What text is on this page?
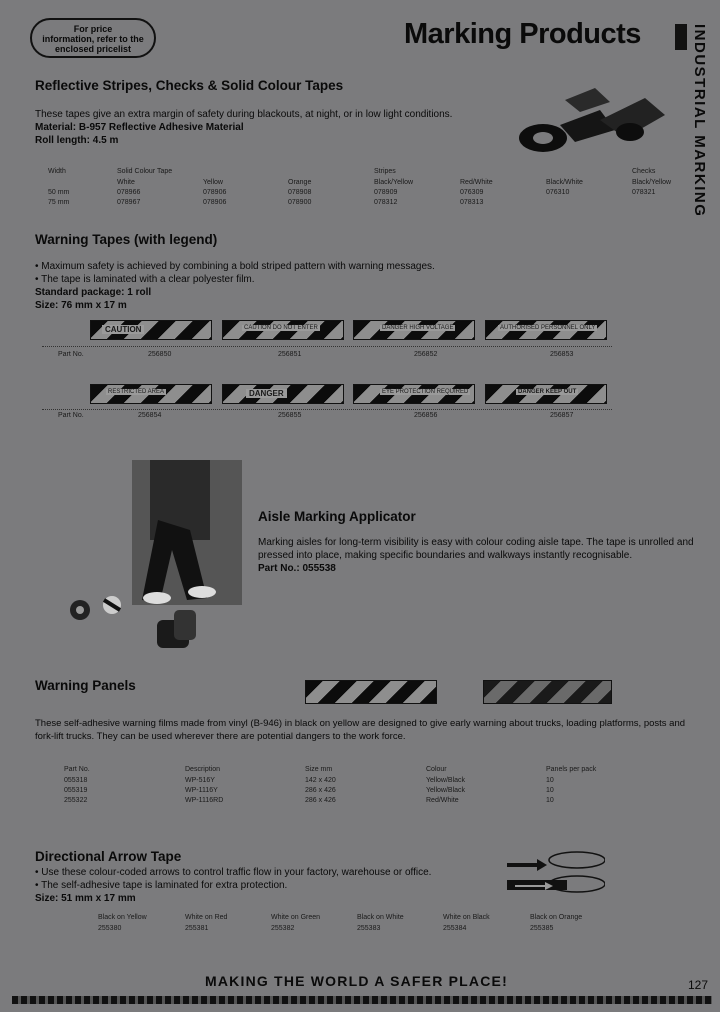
For price
information, refer to the
enclosed pricelist	Marking Products	INDUSTRIAL MARKING
Reflective Stripes, Checks & Solid Colour Tapes
These tapes give an extra margin of safety during blackouts, at night, or in low light conditions.
Material: B-957 Reflective Adhesive Material
Roll length: 4.5 m
Width	Solid Colour Tape	Stripes	Checks
White	Yellow	Orange	Black/Yellow	Red/White	Black/White	Black/Yellow
50 mm	078966	078906	078908	078909	076309	076310	078321
75 mm	078967	078906	078900	078312	078313
Warning Tapes (with legend)
• Maximum safety is achieved by combining a bold striped pattern with warning messages.
• The tape is laminated with a clear polyester film.
Standard package: 1 roll
Size: 76 mm x 17 m
CAUTION	CAUTION DO NOT ENTER	DANGER HIGH VOLTAGE	AUTHORISED PERSONNEL ONLY
Part No.	256850	256851	256852	256853
RESTRICTED AREA	DANGER	EYE PROTECTION REQUIRED	DANGER KEEP OUT
Part No.	256854	256855	256856	256857
Aisle Marking Applicator
Marking aisles for long-term visibility is easy with colour coding aisle tape. The tape is unrolled and
pressed into place, making specific boundaries and walkways instantly recognisable.
Part No.: 055538
Warning Panels
These self-adhesive warning films made from vinyl (B-946) in black on yellow are designed to give early warning about trucks, loading platforms, posts and
fork-lift trucks. They can be used wherever there are potential dangers to the work force.
Part No.	Description	Size mm	Colour	Panels per pack
055318	WP-516Y	142 x 420	Yellow/Black	10
055319	WP-1116Y	286 x 426	Yellow/Black	10
255322	WP-1116RD	286 x 426	Red/White	10
Directional Arrow Tape
• Use these colour-coded arrows to control traffic flow in your factory, warehouse or office.
• The self-adhesive tape is laminated for extra protection.
Size: 51 mm x 17 mm
Black on Yellow	White on Red	White on Green	Black on White	White on Black	Black on Orange
255380	255381	255382	255383	255384	255385
MAKING THE WORLD A SAFER PLACE!	127
